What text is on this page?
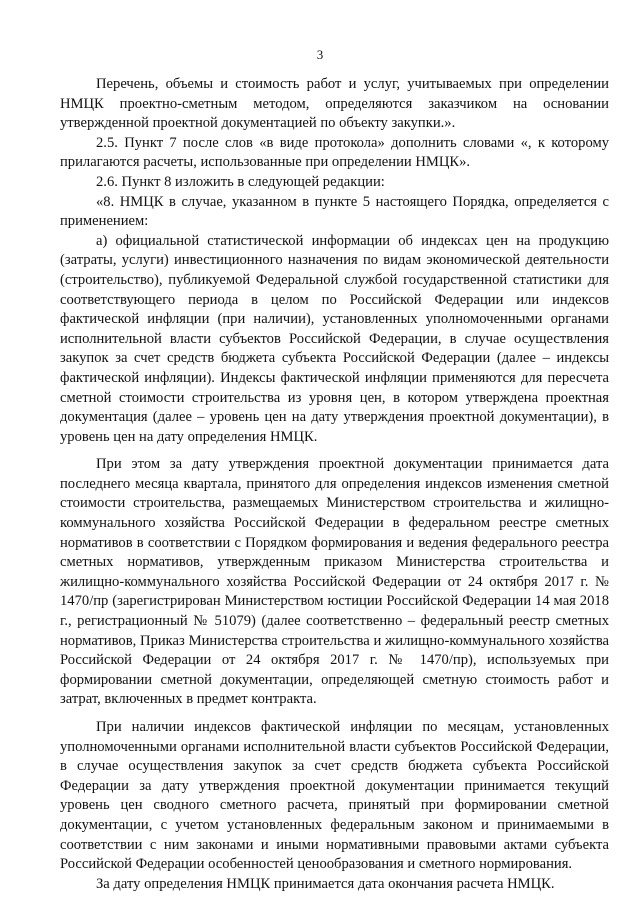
3

Перечень, объемы и стоимость работ и услуг, учитываемых при определении НМЦК проектно-сметным методом, определяются заказчиком на основании утвержденной проектной документацией по объекту закупки.».

2.5. Пункт 7 после слов «в виде протокола» дополнить словами «, к которому прилагаются расчеты, использованные при определении НМЦК».

2.6. Пункт 8 изложить в следующей редакции:

«8. НМЦК в случае, указанном в пункте 5 настоящего Порядка, определяется с применением:

а) официальной статистической информации об индексах цен на продукцию (затраты, услуги) инвестиционного назначения по видам экономической деятельности (строительство), публикуемой Федеральной службой государственной статистики для соответствующего периода в целом по Российской Федерации или индексов фактической инфляции (при наличии), установленных уполномоченными органами исполнительной власти субъектов Российской Федерации, в случае осуществления закупок за счет средств бюджета субъекта Российской Федерации (далее – индексы фактической инфляции). Индексы фактической инфляции применяются для пересчета сметной стоимости строительства из уровня цен, в котором утверждена проектная документация (далее – уровень цен на дату утверждения проектной документации), в уровень цен на дату определения НМЦК.

При этом за дату утверждения проектной документации принимается дата последнего месяца квартала, принятого для определения индексов изменения сметной стоимости строительства, размещаемых Министерством строительства и жилищно-коммунального хозяйства Российской Федерации в федеральном реестре сметных нормативов в соответствии с Порядком формирования и ведения федерального реестра сметных нормативов, утвержденным приказом Министерства строительства и жилищно-коммунального хозяйства Российской Федерации от 24 октября 2017 г. № 1470/пр (зарегистрирован Министерством юстиции Российской Федерации 14 мая 2018 г., регистрационный № 51079) (далее соответственно – федеральный реестр сметных нормативов, Приказ Министерства строительства и жилищно-коммунального хозяйства Российской Федерации от 24 октября 2017 г. № 1470/пр), используемых при формировании сметной документации, определяющей сметную стоимость работ и затрат, включенных в предмет контракта.

При наличии индексов фактической инфляции по месяцам, установленных уполномоченными органами исполнительной власти субъектов Российской Федерации, в случае осуществления закупок за счет средств бюджета субъекта Российской Федерации за дату утверждения проектной документации принимается текущий уровень цен сводного сметного расчета, принятый при формировании сметной документации, с учетом установленных федеральным законом и принимаемыми в соответствии с ним законами и иными нормативными правовыми актами субъекта Российской Федерации особенностей ценообразования и сметного нормирования.

За дату определения НМЦК принимается дата окончания расчета НМЦК.
